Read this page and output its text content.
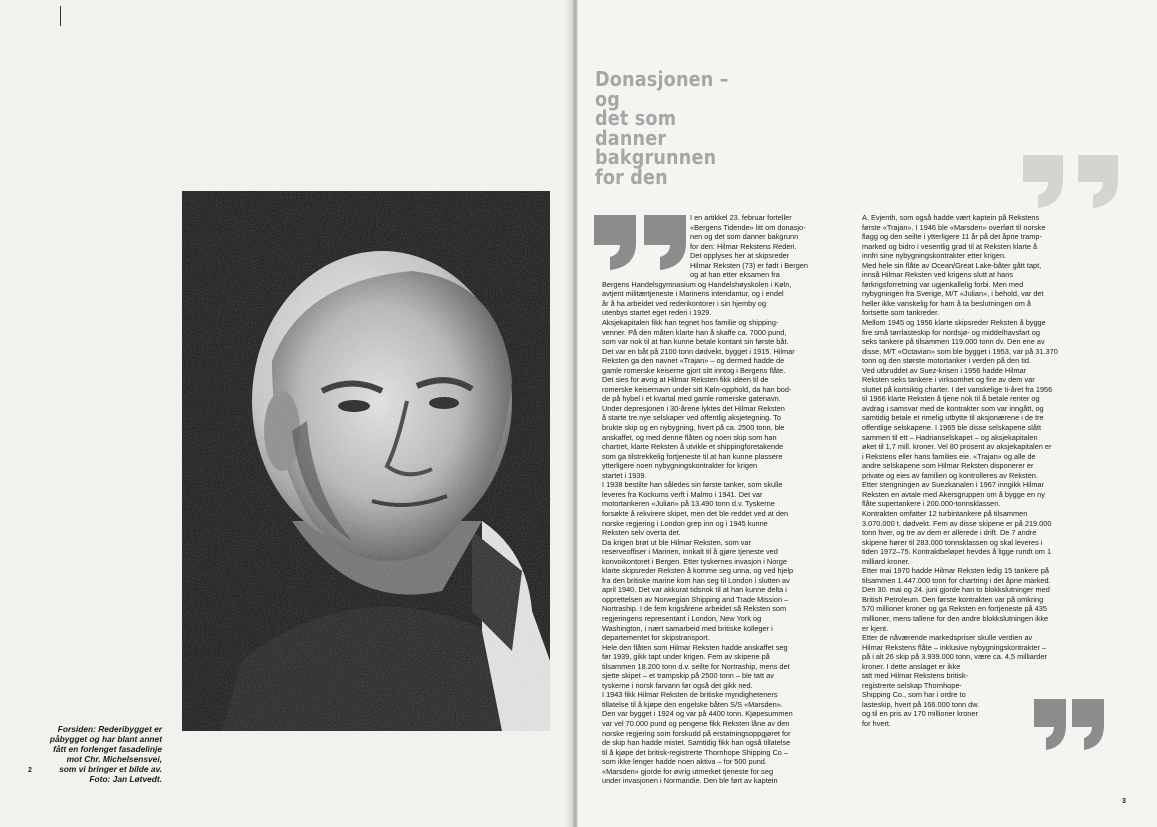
Forsiden: Rederibygget er
påbygget og har blant annet
fått en forlenget fasadelinje
mot Chr. Michelsensvei,
som vi bringer et bilde av.
Foto: Jan Løtvedt.
2
Donasjonen –
og
det som
danner
bakgrunnen
for den

I en artikkel 23. februar forteller

«Bergens Tidende» litt om donasjo-

nen og det som danner bakgrunn

for den: Hilmar Rekstens Rederi.

Det opplyses her at skipsreder

Hilmar Reksten (73) er født i Bergen

og at han etter eksamen fra

Bergens Handelsgymnasium og Handelshøyskolen i Køln,

avtjent militærtjeneste i Marinens intendantur, og i endel

år å ha arbeidet ved rederikontorer i sin hjemby og

utenbys startet eget rederi i 1929.

Aksjekapitalen fikk han tegnet hos familie og shipping-

venner. På den måten klarte han å skaffe ca. 7000 pund,

som var nok til at han kunne betale kontant sin første båt.

Det var en båt på 2100 tonn dødvekt, bygget i 1915. Hilmar

Reksten ga den navnet «Trajan» – og dermed hadde de

gamle romerske keiserne gjort sitt inntog i Bergens flåte.

Det sies for øvrig at Hilmar Reksten fikk idéen til de

romerske keisernavn under sitt Køln-opphold, da han bod-

de på hybel i et kvartal med gamle romerske gatenavn.

Under depresjonen i 30-årene lyktes det Hilmar Reksten

å starte tre nye selskaper ved offentlig aksjetegning. To

brukte skip og en nybygning, hvert på ca. 2500 tonn, ble

anskaffet, og med denne flåten og noen skip som han

chartret, klarte Reksten å utvikle et shippingforetakende

som ga tilstrekkelig fortjeneste til at han kunne plassere

ytterligere noen nybygningskontrakter for krigen

startet i 1939.

I 1938 bestilte han således sin første tanker, som skulle

leveres fra Kockums verft i Malmo i 1941. Det var

motortankeren «Julian» på 13.490 tonn d.v. Tyskerne

forsøkte å rekvirere skipet, men det ble reddet ved at den

norske regjering i London grep inn og i 1945 kunne

Reksten selv overta det.

Da krigen brøt ut ble Hilmar Reksten, som var

reserveoffiser i Marinen, innkalt til å gjøre tjeneste ved

konvoikontoret i Bergen. Etter tyskernes invasjon i Norge

klarte skipsreder Reksten å komme seg unna, og ved hjelp

fra den britiske marine kom han seg til London i slutten av

april 1940. Det var akkurat tidsnok til at han kunne delta i

opprettelsen av Norwegian Shipping and Trade Mission –

Nortraship. I de fem krigsårene arbeidet så Reksten som

regjeringens representant i London, New York og

Washington, i nært samarbeid med britiske kolleger i

departementet for skipstransport.

Hele den flåten som Hilmar Reksten hadde anskaffet seg

før 1939, gikk tapt under krigen. Fem av skipene på

tilsammen 18.200 tonn d.v. seilte for Nortraship, mens det

sjette skipet – et trampskip på 2500 tonn – ble tatt av

tyskerne i norsk farvann før også det gikk ned.

I 1943 fikk Hilmar Reksten de britiske myndigheteners

tillatelse til å kjøpe den engelske båten S/S «Marsden».

Den var bygget i 1924 og var på 4400 tonn. Kjøpesummen

var vel 70.000 pund og pengene fikk Reksten låne av den

norske regjering som forskudd på erstatningsoppgjøret for

de skip han hadde mistet. Samtidig fikk han også tillatelse

til å kjøpe det britisk-registrerte Thornhope Shipping Co –

som ikke lenger hadde noen aktiva – for 500 pund.

«Marsden» gjorde for øvrig utmerket tjeneste for seg

under invasjonen i Normandie. Den ble ført av kaptein

A. Evjenth, som også hadde vært kaptein på Rekstens

første «Trajan». I 1946 ble «Marsden» overført til norske

flagg og den seilte i ytterligere 11 år på det åpne tramp-

marked og bidro i vesentlig grad til at Reksten klarte å

innfri sine nybygningskontrakter etter krigen.

Med hele sin flåte av Ocean/Great Lake-båter gått tapt,

innså Hilmar Reksten ved krigens slutt at hans

førkrigsforretning var ugjenkallelig forbi. Men med

nybygningen fra Sverige, M/T «Julian», i behold, var det

heller ikke vanskelig for ham å ta beslutningen om å

fortsette som tankreder.

Mellom 1945 og 1956 klarte skipsreder Reksten å bygge

fire små tørrlasteskip for nordsjø- og middelhavsfart og

seks tankere på tilsammen 119.000 tonn dv. Den ene av

disse, M/T «Octavian» som ble bygget i 1953, var på 31.370

tonn og den største motortanker i verden på den tid.

Ved utbruddet av Suez-krisen i 1956 hadde Hilmar

Reksten seks tankere i virksomhet og fire av dem var

sluttet på kortsiktig charter. I det vanskelige ti-året fra 1956

til 1966 klarte Reksten å tjene nok til å betale renter og

avdrag i samsvar med de kontrakter som var inngått, og

samtidig betale et rimelig utbytte til aksjonærene i de tre

offentlige selskapene. I 1965 ble disse selskapene slått

sammen til ett – Hadrianselskapet – og aksjekapitalen

øket til 1,7 mill. kroner. Vel 80 prosent av aksjekapitalen er

i Rekstens eller hans families eie. «Trajan» og alle de

andre selskapene som Hilmar Reksten disponerer er

private og eies av familien og kontrolleres av Reksten.

Etter stengningen av Suezkanalen i 1967 inngikk Hilmar

Reksten en avtale med Akersgruppen om å bygge en ny

flåte supertankere i 200.000-tonnsklassen.

Kontrakten omfatter 12 turbintankere på tilsammen

3.070.000 t. dødvekt. Fem av disse skipene er på 219.000

tonn hver, og tre av dem er allerede i drift. De 7 andre

skipene hører til 283.000 tonnsklassen og skal leveres i

tiden 1972–75. Kontraktbeløpet hevdes å ligge rundt om 1

milliard kroner.

Etter mai 1970 hadde Hilmar Reksten ledig 15 tankere på

tilsammen 1.447.000 tonn for chartring i det åpne marked.

Den 30. mai og 24. juni gjorde han to blokkslutninger med

British Petroleum. Den første kontrakten var på omkring

570 millioner kroner og ga Reksten en fortjeneste på 435

millioner, mens tallene for den andre blokkslutningen ikke

er kjent.

Etter de nåværende markedspriser skulle verdien av

Hilmar Rekstens flåte – inklusive nybygningskontrakter –

på i alt 26 skip på 3.939.000 tonn, være ca. 4,5 milliarder

kroner. I dette anslaget er ikke

tatt med Hilmar Rekstens britisk-

registrerte selskap Thornhope-

Shipping Co., som har i ordre to

lasteskip, hvert på 166.000 tonn dw.

og til en pris av 170 millioner kroner

for hvert.

3
